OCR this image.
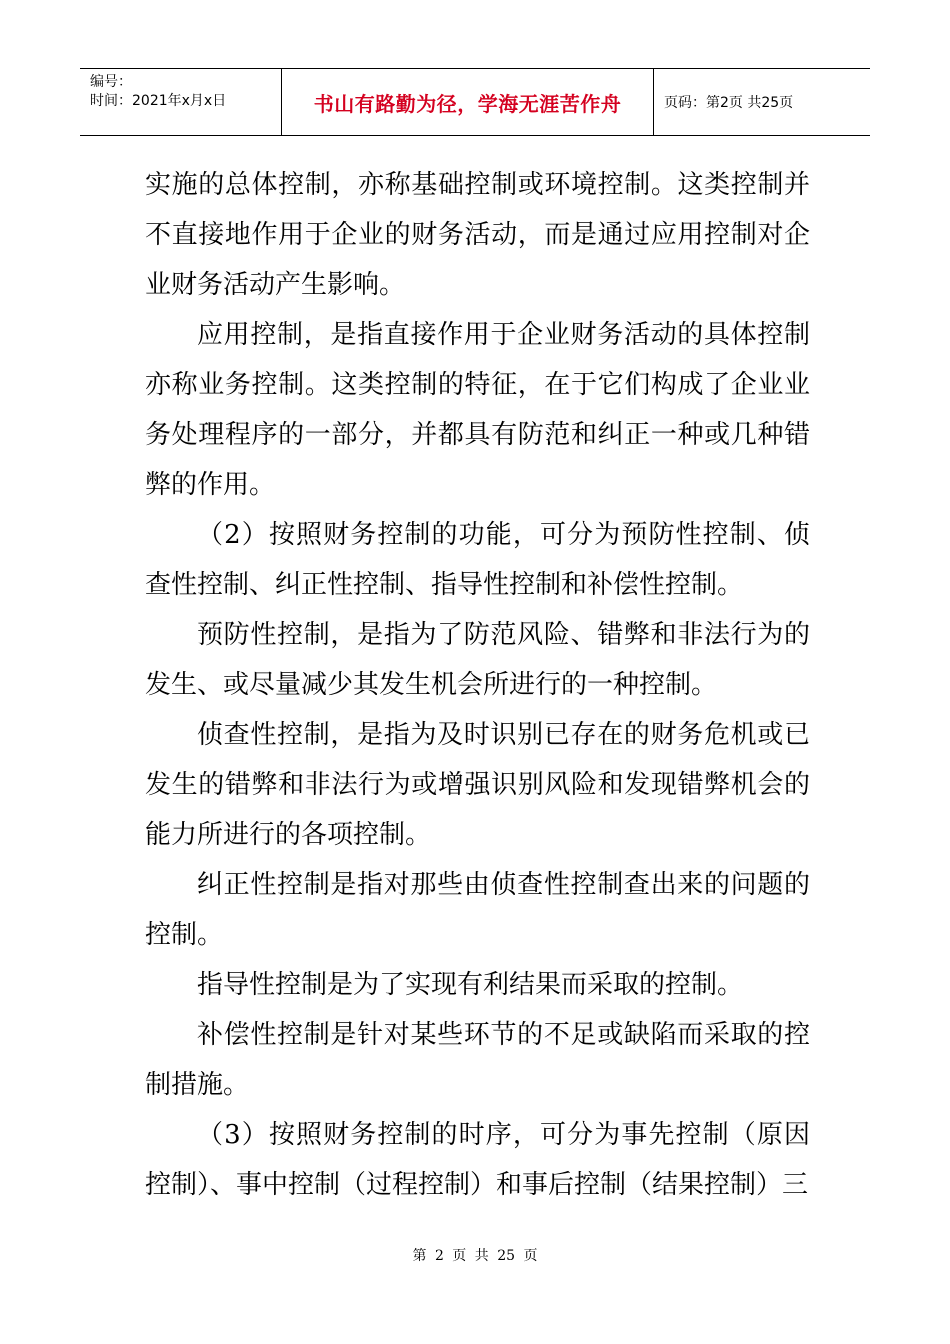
编号：
时间：2021年x月x日	书山有路勤为径，学海无涯苦作舟	页码：第2页 共25页

实施的总体控制，亦称基础控制或环境控制。这类控制并不直接地作用于企业的财务活动，而是通过应用控制对企业财务活动产生影响。

应用控制，是指直接作用于企业财务活动的具体控制亦称业务控制。这类控制的特征，在于它们构成了企业业务处理程序的一部分，并都具有防范和纠正一种或几种错弊的作用。

（2）按照财务控制的功能，可分为预防性控制、侦查性控制、纠正性控制、指导性控制和补偿性控制。

预防性控制，是指为了防范风险、错弊和非法行为的发生、或尽量减少其发生机会所进行的一种控制。

侦查性控制，是指为及时识别已存在的财务危机或已发生的错弊和非法行为或增强识别风险和发现错弊机会的能力所进行的各项控制。

纠正性控制是指对那些由侦查性控制查出来的问题的控制。

指导性控制是为了实现有利结果而采取的控制。

补偿性控制是针对某些环节的不足或缺陷而采取的控制措施。

（3）按照财务控制的时序，可分为事先控制（原因控制）、事中控制（过程控制）和事后控制（结果控制）三

第 2 页 共 25 页
